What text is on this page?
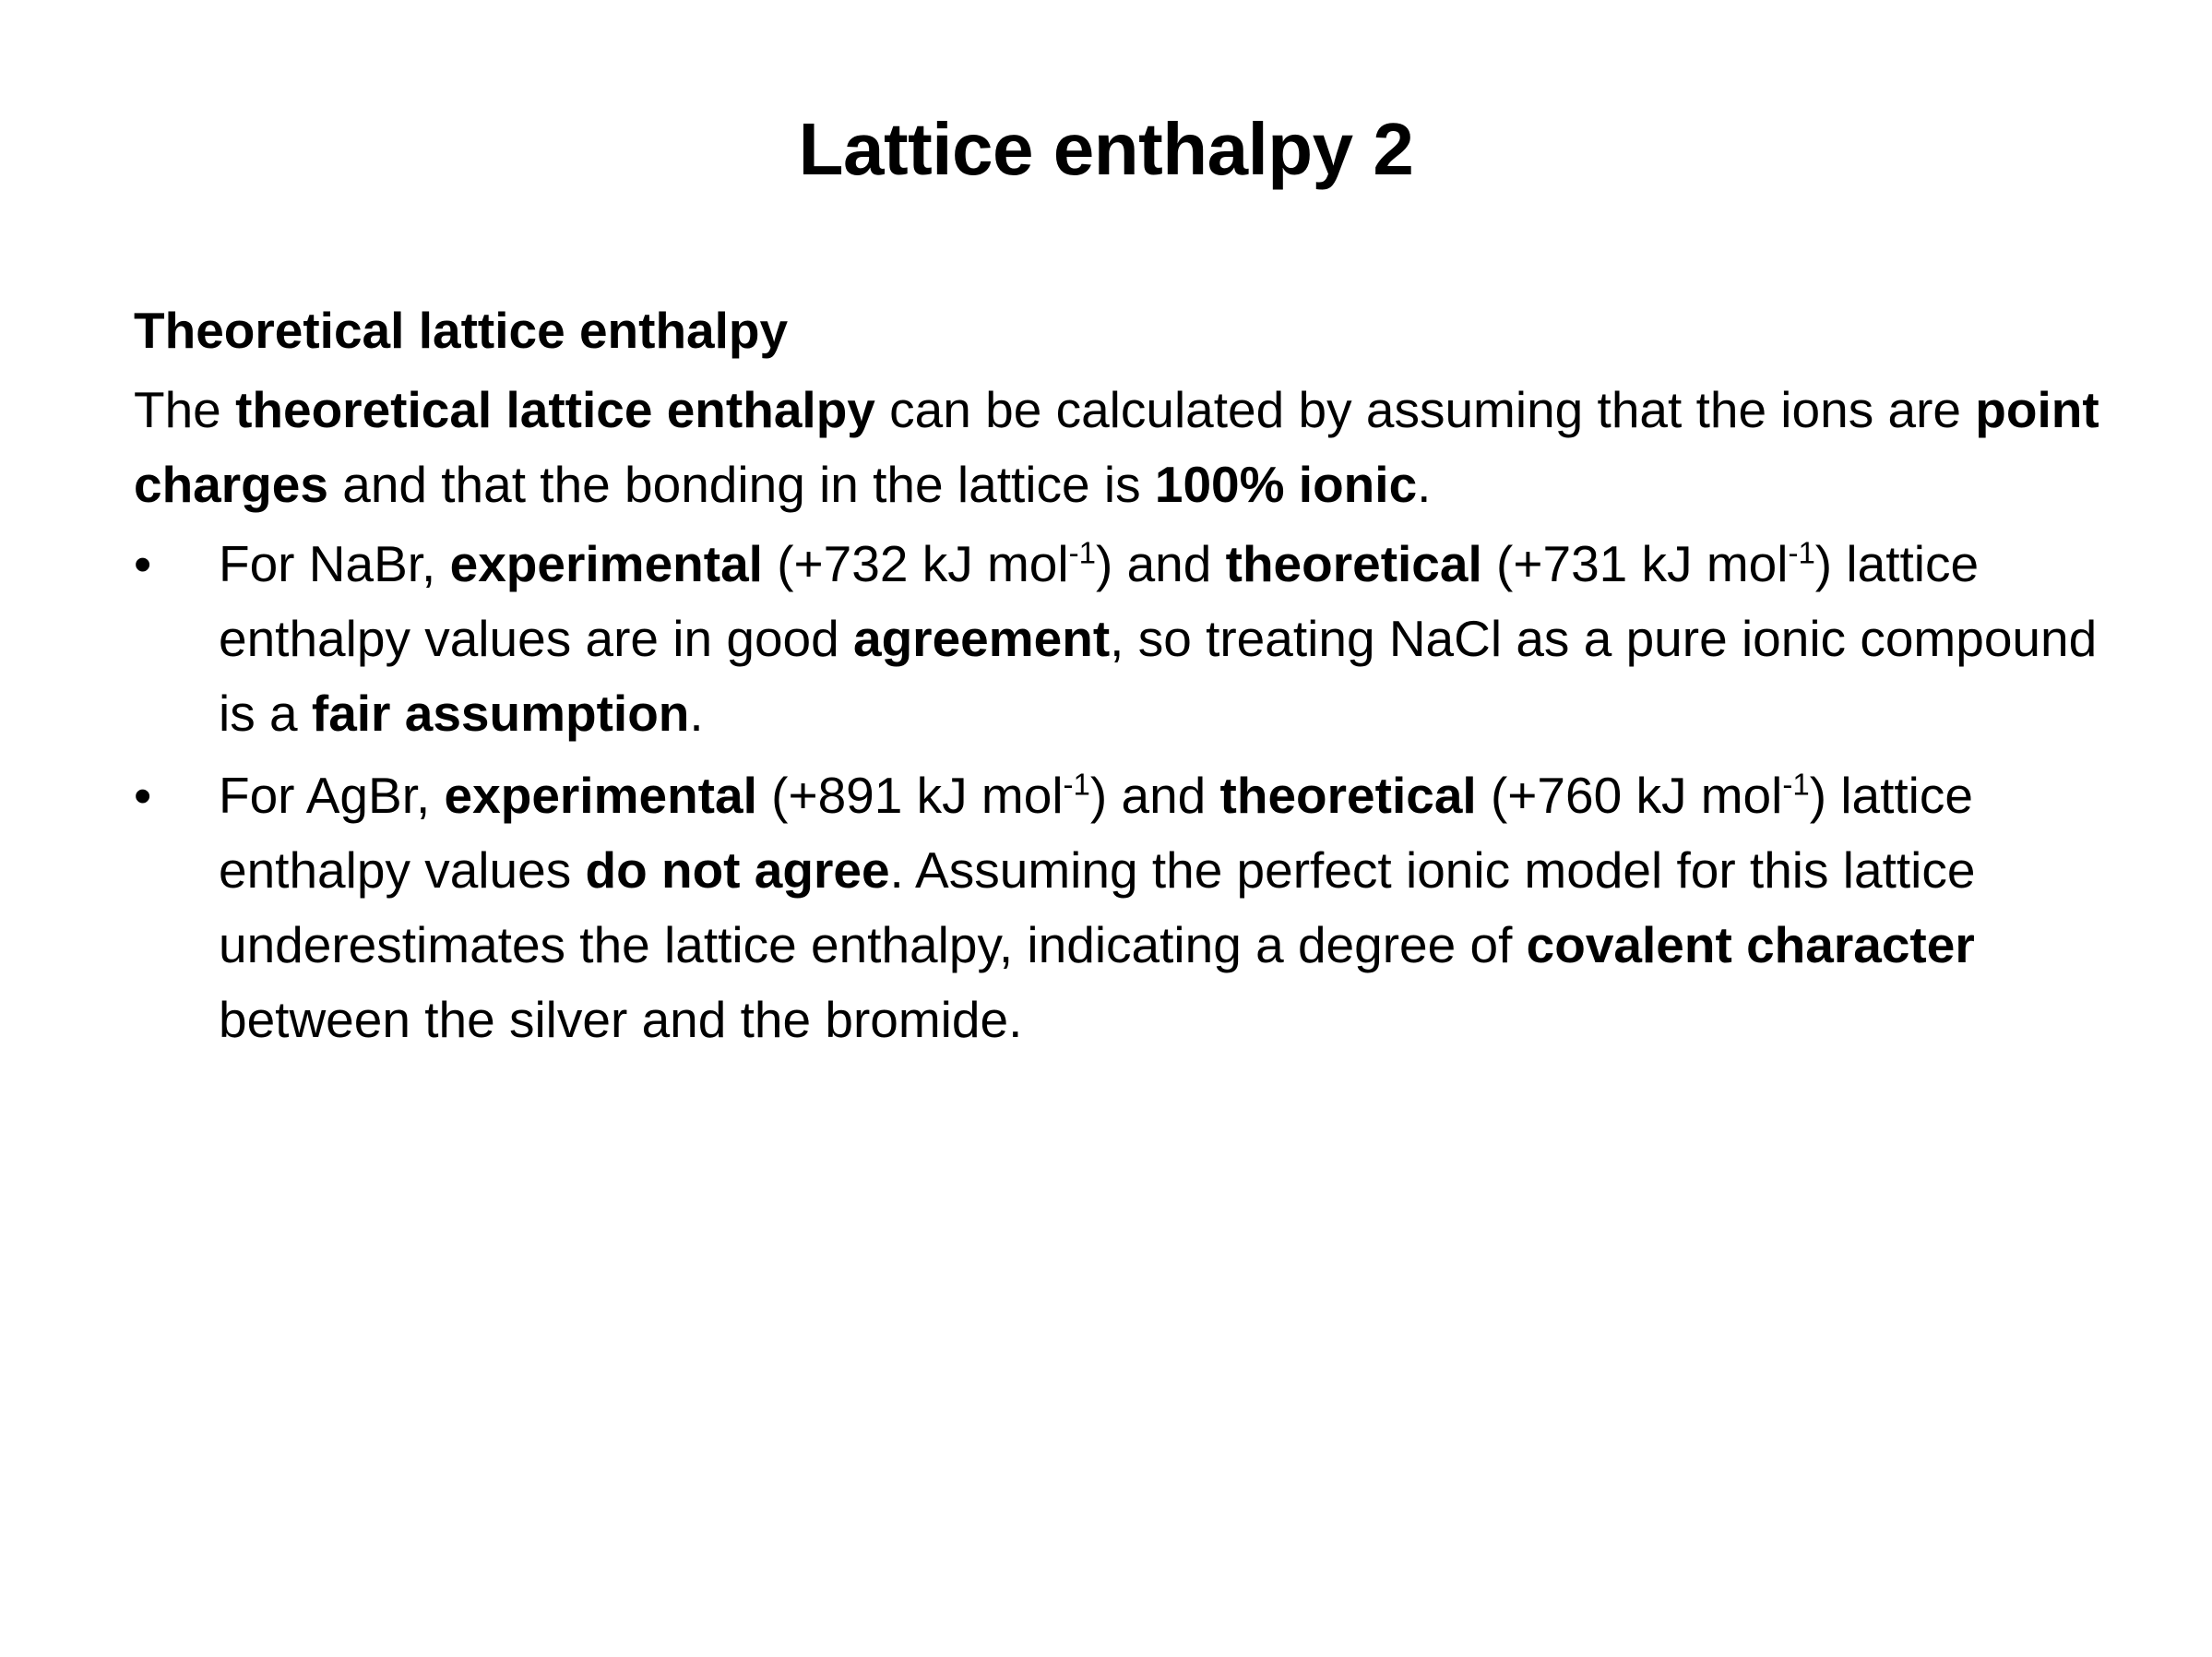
Lattice enthalpy 2
Theoretical lattice enthalpy
The theoretical lattice enthalpy can be calculated by assuming that the ions are point charges and that the bonding in the lattice is 100% ionic.
•	For NaBr, experimental (+732 kJ mol$^{-1}$) and theoretical (+731 kJ mol$^{-1}$) lattice enthalpy values are in good agreement, so treating NaCl as a pure ionic compound is a fair assumption.
•	For AgBr, experimental (+891 kJ mol$^{-1}$) and theoretical (+760 kJ mol$^{-1}$) lattice enthalpy values do not agree. Assuming the perfect ionic model for this lattice underestimates the lattice enthalpy, indicating a degree of covalent character between the silver and the bromide.
